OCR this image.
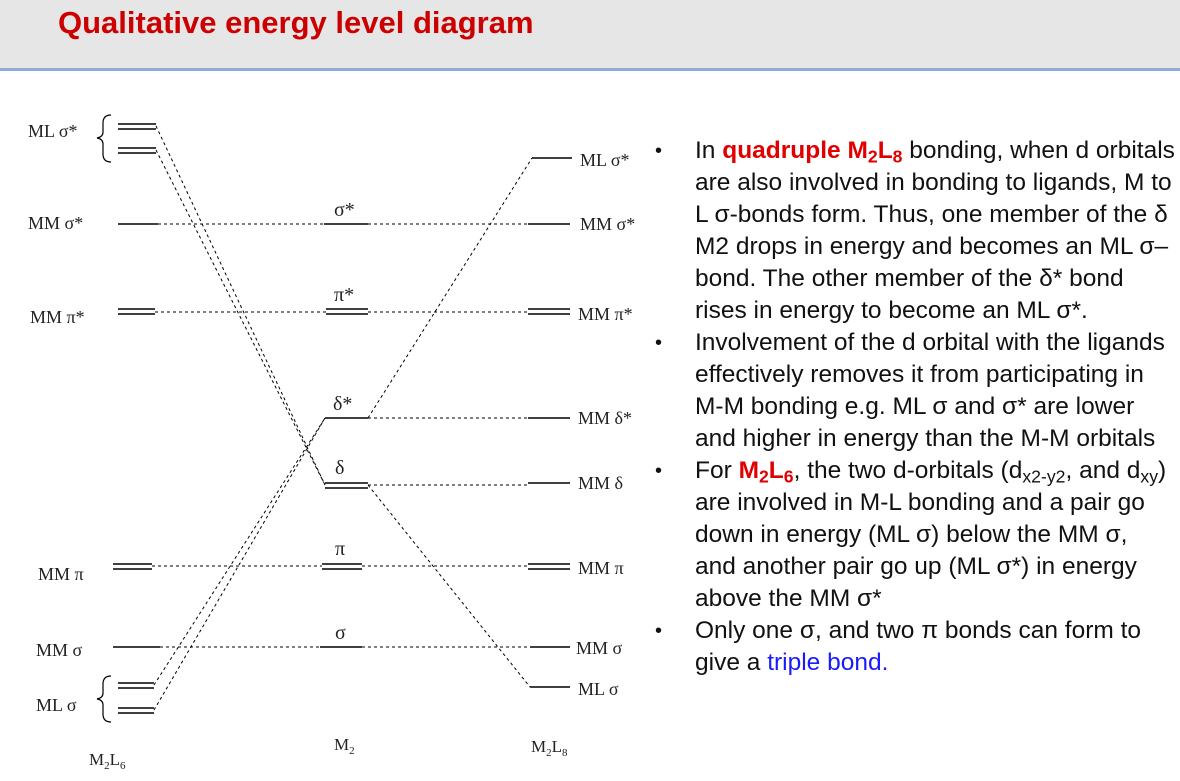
Qualitative energy level diagram
ML σ*
MM σ*
MM π*
MM π
MM σ
ML σ
σ*
π*
δ*
δ
π
σ
ML σ*
MM σ*
MM π*
MM δ*
MM δ
MM π
MM σ
ML σ
$M_2L_6$
$M_2$	$M_2L_8$
• In quadruple $M_2L_8$ bonding, when d orbitals are also involved in bonding to ligands, M to L σ-bonds form. Thus, one member of the δ M2 drops in energy and becomes an ML σ–bond. The other member of the δ* bond rises in energy to become an ML σ*.
• Involvement of the d orbital with the ligands effectively removes it from participating in M-M bonding e.g. ML σ and σ* are lower and higher in energy than the M-M orbitals
• For $M_2L_6$, the two d-orbitals ($d_{x2-y2}$, and $d_{xy}$) are involved in M-L bonding and a pair go down in energy (ML σ) below the MM σ, and another pair go up (ML σ*) in energy above the MM σ*
• Only one σ, and two π bonds can form to give a triple bond.
